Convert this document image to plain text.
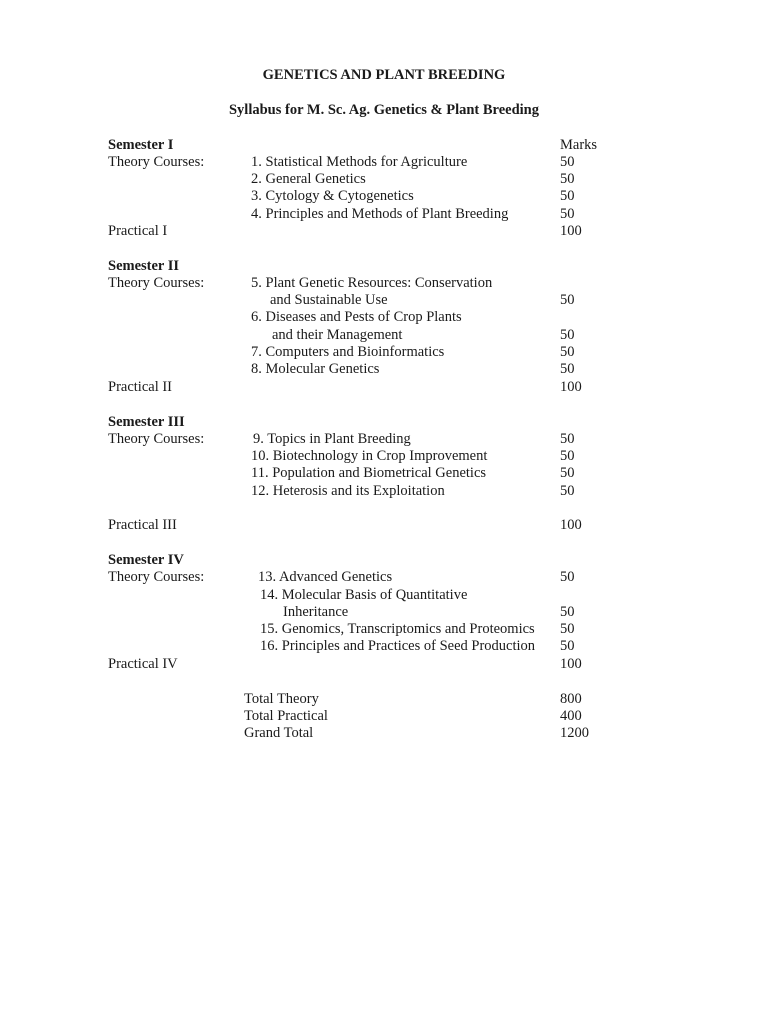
GENETICS AND PLANT BREEDING
Syllabus for M. Sc. Ag. Genetics & Plant Breeding
Semester I	Marks
Theory Courses:	1. Statistical Methods for Agriculture	50
2. General Genetics	50
3. Cytology & Cytogenetics	50
4. Principles and Methods of Plant Breeding	50
Practical I	100
Semester II
Theory Courses:	5. Plant Genetic Resources: Conservation
and Sustainable Use	50
6. Diseases and Pests of Crop Plants
and their Management	50
7. Computers and Bioinformatics	50
8. Molecular Genetics	50
Practical II	100
Semester III
Theory Courses:	9. Topics in Plant Breeding	50
10. Biotechnology in Crop Improvement	50
11. Population and Biometrical Genetics	50
12. Heterosis and its Exploitation	50
Practical III	100
Semester IV
Theory Courses:	13. Advanced Genetics	50
14. Molecular Basis of Quantitative
Inheritance	50
15. Genomics, Transcriptomics and Proteomics 50
16. Principles and Practices of Seed Production 50
Practical IV	100
Total Theory	800
Total Practical	400
Grand Total	1200
